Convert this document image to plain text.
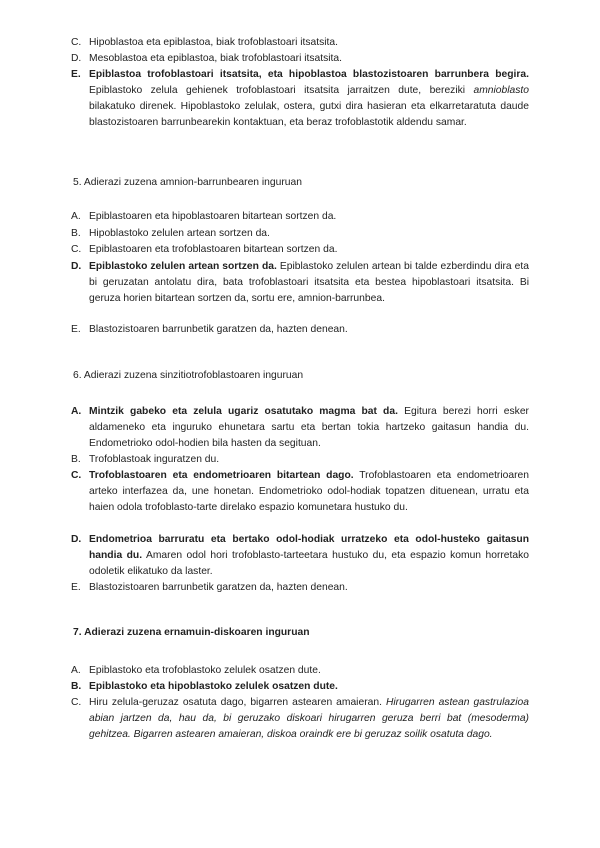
C. Hipoblastoa eta epiblastoa, biak trofoblastoari itsatsita.
D. Mesoblastoa eta epiblastoa, biak trofoblastoari itsatsita.
E. Epiblastoa trofoblastoari itsatsita, eta hipoblastoa blastozistoaren barrunbera begira. Epiblastoko zelula gehienek trofoblastoari itsatsita jarraitzen dute, bereziki amnioblasto bilakatuko direnek. Hipoblastoko zelulak, ostera, gutxi dira hasieran eta elkarretaratuta daude blastozistoaren barrunbearekin kontaktuan, eta beraz trofoblastotik aldendu samar.
5. Adierazi zuzena amnion-barrunbearen inguruan
A. Epiblastoaren eta hipoblastoaren bitartean sortzen da.
B. Hipoblastoko zelulen artean sortzen da.
C. Epiblastoaren eta trofoblastoaren bitartean sortzen da.
D. Epiblastoko zelulen artean sortzen da. Epiblastoko zelulen artean bi talde ezberdindu dira eta bi geruzatan antolatu dira, bata trofoblastoari itsatsita eta bestea hipoblastoari itsatsita. Bi geruza horien bitartean sortzen da, sortu ere, amnion-barrunbea.
E. Blastozistoaren barrunbetik garatzen da, hazten denean.
6. Adierazi zuzena sinzitiotrofoblastoaren inguruan
A. Mintzik gabeko eta zelula ugariz osatutako magma bat da. Egitura berezi horri esker aldameneko eta inguruko ehunetara sartu eta bertan tokia hartzeko gaitasun handia du. Endometrioko odol-hodien bila hasten da segituan.
B. Trofoblastoak inguratzen du.
C. Trofoblastoaren eta endometrioaren bitartean dago. Trofoblastoaren eta endometrioaren arteko interfazea da, une honetan. Endometrioko odol-hodiak topatzen dituenean, urratu eta haien odola trofoblasto-tarte direlako espazio komunetara hustuko du.
D. Endometrioa barruratu eta bertako odol-hodiak urratzeko eta odol-husteko gaitasun handia du. Amaren odol hori trofoblasto-tarteetara hustuko du, eta espazio komun horretako odoletik elikatuko da laster.
E. Blastozistoaren barrunbetik garatzen da, hazten denean.
7. Adierazi zuzena ernamuin-diskoaren inguruan
A. Epiblastoko eta trofoblastoko zelulek osatzen dute.
B. Epiblastoko eta hipoblastoko zelulek osatzen dute.
C. Hiru zelula-geruzaz osatuta dago, bigarren astearen amaieran. Hirugarren astean gastrulazioa abian jartzen da, hau da, bi geruzako diskoari hirugarren geruza berri bat (mesoderma) gehitzea. Bigarren astearen amaieran, diskoa oraindk ere bi geruzaz soilik osatuta dago.
